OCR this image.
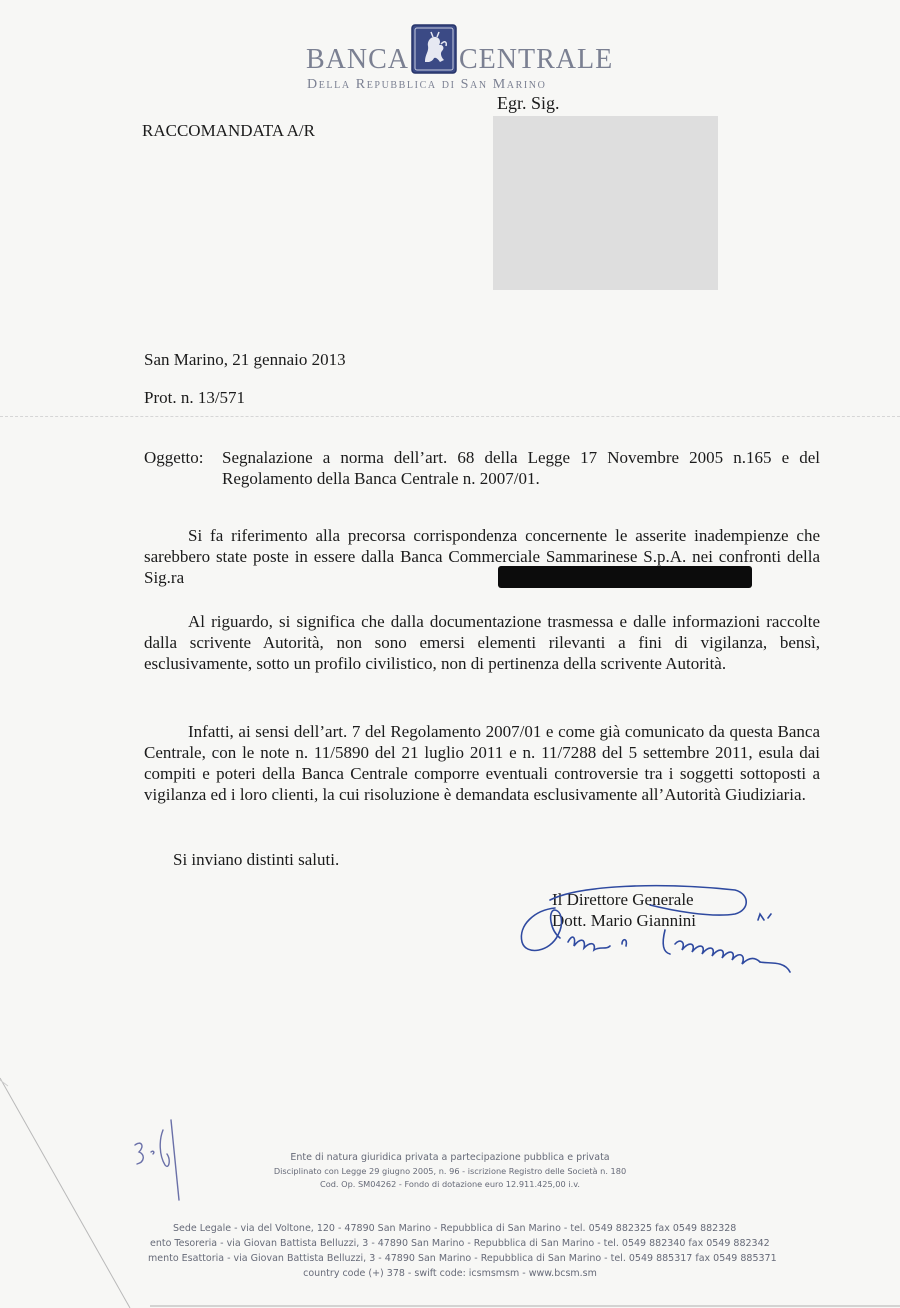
BANCA CENTRALE
Della Repubblica di San Marino
Egr. Sig.
RACCOMANDATA A/R
San Marino, 21 gennaio 2013
Prot. n. 13/571
Oggetto: Segnalazione a norma dell’art. 68 della Legge 17 Novembre 2005 n.165 e del Regolamento della Banca Centrale n. 2007/01.
Si fa riferimento alla precorsa corrispondenza concernente le asserite inadempienze che sarebbero state poste in essere dalla Banca Commerciale Sammarinese S.p.A. nei confronti della Sig.ra
Al riguardo, si significa che dalla documentazione trasmessa e dalle informazioni raccolte dalla scrivente Autorità, non sono emersi elementi rilevanti a fini di vigilanza, bensì, esclusivamente, sotto un profilo civilistico, non di pertinenza della scrivente Autorità.
Infatti, ai sensi dell’art. 7 del Regolamento 2007/01 e come già comunicato da questa Banca Centrale, con le note n. 11/5890 del 21 luglio 2011 e n. 11/7288 del 5 settembre 2011, esula dai compiti e poteri della Banca Centrale comporre eventuali controversie tra i soggetti sottoposti a vigilanza ed i loro clienti, la cui risoluzione è demandata esclusivamente all’Autorità Giudiziaria.
Si inviano distinti saluti.
Il Direttore Generale
Dott. Mario Giannini
Ente di natura giuridica privata a partecipazione pubblica e privata
Disciplinato con Legge 29 giugno 2005, n. 96 - iscrizione Registro delle Società n. 180
Cod. Op. SM04262 - Fondo di dotazione euro 12.911.425,00 i.v.
Sede Legale - via del Voltone, 120 - 47890 San Marino - Repubblica di San Marino - tel. 0549 882325 fax 0549 882328
ento Tesoreria - via Giovan Battista Belluzzi, 3 - 47890 San Marino - Repubblica di San Marino - tel. 0549 882340 fax 0549 882342
mento Esattoria - via Giovan Battista Belluzzi, 3 - 47890 San Marino - Repubblica di San Marino - tel. 0549 885317 fax 0549 885371
country code (+) 378 - swift code: icsmsmsm - www.bcsm.sm
